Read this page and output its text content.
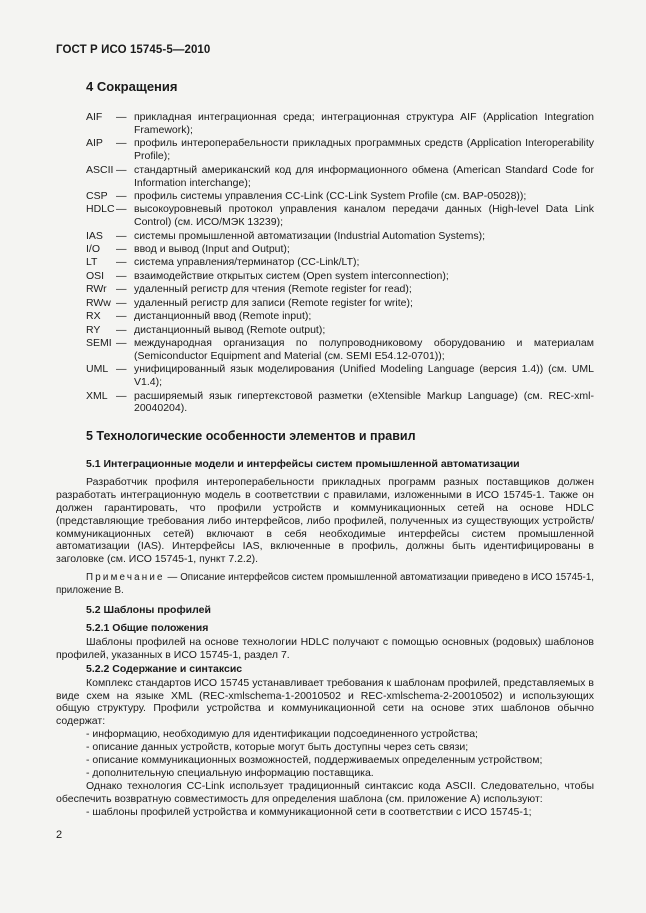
ГОСТ Р ИСО 15745-5—2010
4 Сокращения
AIF	— прикладная интеграционная среда; интеграционная структура AIF (Application Integration Framework);
AIP	— профиль интероперабельности прикладных программных средств (Application Interoperability Profile);
ASCII — стандартный американский код для информационного обмена (American Standard Code for Information interchange);
CSP — профиль системы управления CC-Link (CC-Link System Profile (см. BAP-05028));
HDLC — высокоуровневый протокол управления каналом передачи данных (High-level Data Link Control) (см. ИСО/МЭК 13239);
IAS	— системы промышленной автоматизации (Industrial Automation Systems);
I/O	— ввод и вывод (Input and Output);
LT	— система управления/терминатор (CC-Link/LT);
OSI	— взаимодействие открытых систем (Open system interconnection);
RWr — удаленный регистр для чтения (Remote register for read);
RWw — удаленный регистр для записи (Remote register for write);
RX	— дистанционный ввод (Remote input);
RY	— дистанционный вывод (Remote output);
SEMI — международная организация по полупроводниковому оборудованию и материалам (Semiconductor Equipment and Material (см. SEMI E54.12-0701));
UML — унифицированный язык моделирования (Unified Modeling Language (версия 1.4)) (см. UML V1.4);
XML — расширяемый язык гипертекстовой разметки (eXtensible Markup Language) (см. REC-xml-20040204).
5 Технологические особенности элементов и правил

5.1 Интеграционные модели и интерфейсы систем промышленной автоматизации

Разработчик профиля интероперабельности прикладных программ разных поставщиков должен разработать интеграционную модель в соответствии с правилами, изложенными в ИСО 15745-1. Также он должен гарантировать, что профили устройств и коммуникационных сетей на основе HDLC (представляющие требования либо интерфейсов, либо профилей, полученных из существующих устройств/коммуникационных сетей) включают в себя необходимые интерфейсы систем промышленной автоматизации (IAS). Интерфейсы IAS, включенные в профиль, должны быть идентифицированы в заголовке (см. ИСО 15745-1, пункт 7.2.2).

Примечание — Описание интерфейсов систем промышленной автоматизации приведено в ИСО 15745-1, приложение В.

5.2 Шаблоны профилей

5.2.1 Общие положения

Шаблоны профилей на основе технологии HDLC получают с помощью основных (родовых) шаблонов профилей, указанных в ИСО 15745-1, раздел 7.

5.2.2 Содержание и синтаксис

Комплекс стандартов ИСО 15745 устанавливает требования к шаблонам профилей, представляемых в виде схем на языке XML (REC-xmlschema-1-20010502 и REC-xmlschema-2-20010502) и использующих общую структуру. Профили устройства и коммуникационной сети на основе этих шаблонов обычно содержат:

- информацию, необходимую для идентификации подсоединенного устройства;

- описание данных устройств, которые могут быть доступны через сеть связи;

- описание коммуникационных возможностей, поддерживаемых определенным устройством;

- дополнительную специальную информацию поставщика.

Однако технология CC-Link использует традиционный синтаксис кода ASCII. Следовательно, чтобы обеспечить возвратную совместимость для определения шаблона (см. приложение А) используют:

- шаблоны профилей устройства и коммуникационной сети в соответствии с ИСО 15745-1;

2
